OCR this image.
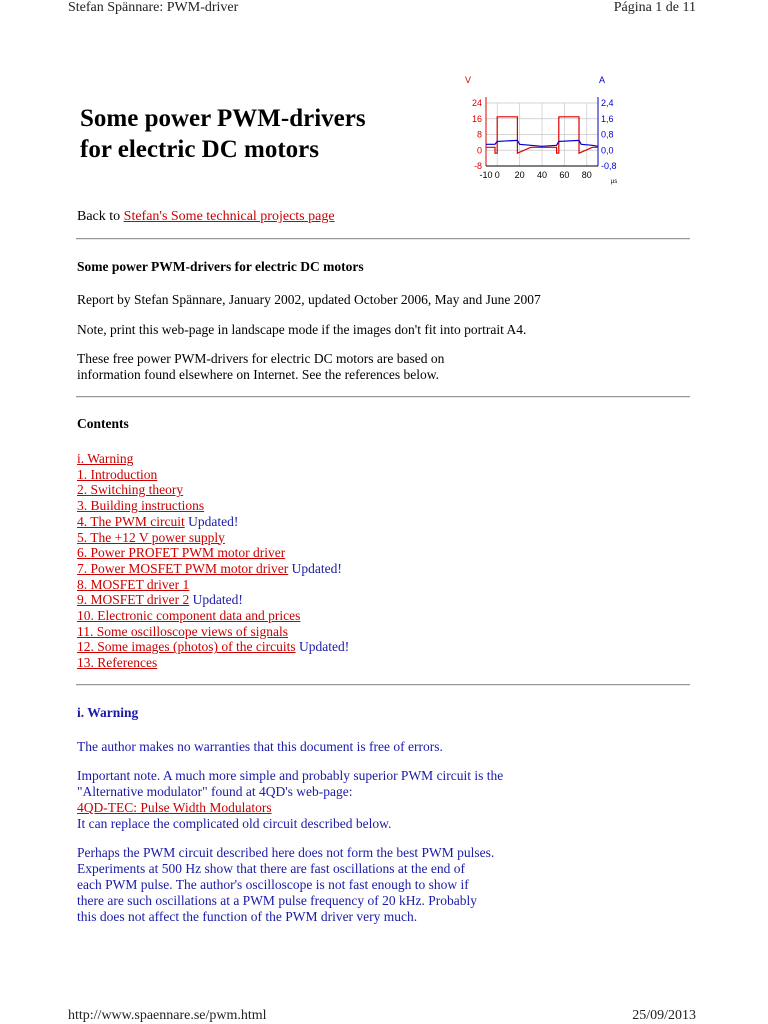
Stefan Spännare: PWM-driver	Página 1 de 11
Some power PWM-drivers
for electric DC motors
24
16
8
0
-8
2,4
1,6
0,8
0,0
-0,8
-10 0 20 40 60 80
V	A
µs
Back to Stefan's Some technical projects page
Some power PWM-drivers for electric DC motors
Report by Stefan Spännare, January 2002, updated October 2006, May and June 2007
Note, print this web-page in landscape mode if the images don't fit into portrait A4.
These free power PWM-drivers for electric DC motors are based on
information found elsewhere on Internet. See the references below.
Contents
i. Warning
1. Introduction
2. Switching theory
3. Building instructions
4. The PWM circuit Updated!
5. The +12 V power supply
6. Power PROFET PWM motor driver
7. Power MOSFET PWM motor driver Updated!
8. MOSFET driver 1
9. MOSFET driver 2 Updated!
10. Electronic component data and prices
11. Some oscilloscope views of signals
12. Some images (photos) of the circuits Updated!
13. References
i. Warning
The author makes no warranties that this document is free of errors.
Important note. A much more simple and probably superior PWM circuit is the
"Alternative modulator" found at 4QD's web-page:
4QD-TEC: Pulse Width Modulators
It can replace the complicated old circuit described below.
Perhaps the PWM circuit described here does not form the best PWM pulses.
Experiments at 500 Hz show that there are fast oscillations at the end of
each PWM pulse. The author's oscilloscope is not fast enough to show if
there are such oscillations at a PWM pulse frequency of 20 kHz. Probably
this does not affect the function of the PWM driver very much.
http://www.spaennare.se/pwm.html	25/09/2013
